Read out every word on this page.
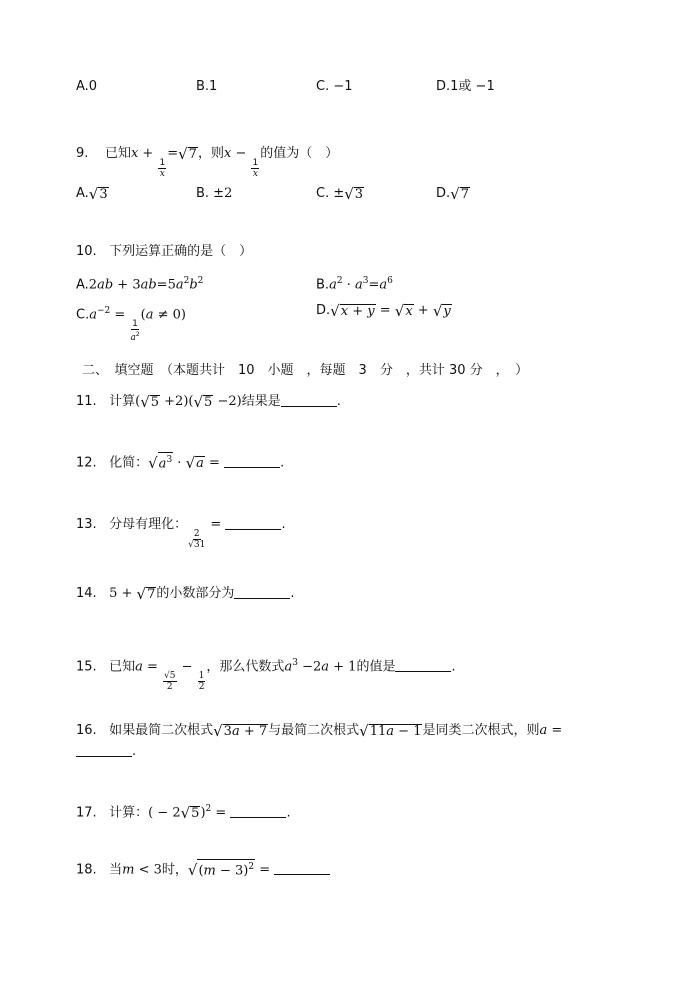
A.0	B.1	C. −1	D.1或 −1
9. 已知x +
$\frac{1}{x}$
= √ 7 ，则x −
$\frac{1}{x}$
的值为（　）
A. √ 3	B. ±2	C. ± √ 3	D. √ 7
10. 下列运算正确的是（　）
$A.2ab + 3ab=5a^2b^2$	$B.a^2 \cdot a^3=a^6$
$C.a^{-2}$ =
$\frac{1}{a^2}$
(a ≠ 0)	D. √ x + y = √ x + √ y
二、　填空题　（本题共计　10　小题　，每题　3　分　，共计 30 分　，　）
11. 计算( √ 5 +2)( √ 5 −2)结果是	.
12. 化简： √ $a^3$ · √ a =	.
13. 分母有理化：
$\frac{2}{√31}$
=	.
14. 5 + √ 7 的小数部分为	.
15. 已知a =
$\frac{√5}{2}$
−
$\frac{1}{2}$
，那么代数式$a^3 -2a + 1$的值是	.
16. 如果最简二次根式 √ 3a + 7 与最简二次根式 √ 11a − 1 是同类二次根式，则a =
.
17. 计算：( − 2 √ 5 )$^2$ =	.
18. 当m < 3时， √ $(m - 3)^2$ =
